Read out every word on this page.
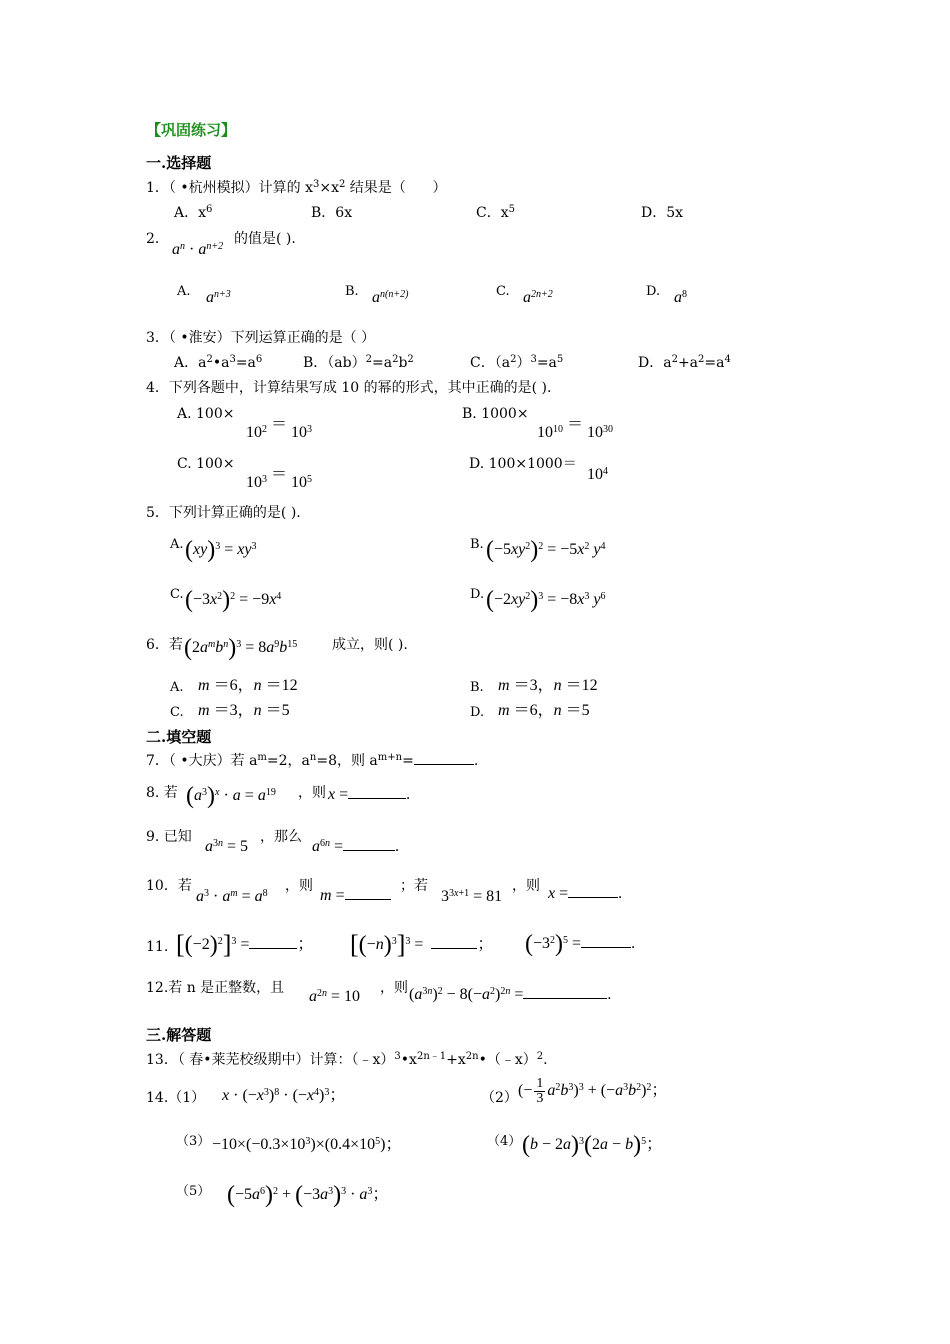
【巩固练习】
一.选择题
1．（ •杭州模拟）计算的 $x^3\times x^2$ 结果是（      ）
A．$x^6$	B．6x	C．$x^5$	D．5x
2．
$a^n \cdot a^{n+2}$ 的值是( ).
A. $a^{n+3}$	B. $a^{n(n+2)}$	C. $a^{2n+2}$	D. $a^8$
3．（ •淮安）下列运算正确的是（ ）
A．$a^2•a^3=a^6$	B．$(ab)^2=a^2b^2$	C．$(a^2)^3=a^5$	D．$a^2+a^2=a^4$
4．下列各题中，计算结果写成 10 的幂的形式，其中正确的是( ).
A. 100×
$10^2 = 10^3$
B. 1000×
$10^{10} = 10^{30}$
C. 100×
$10^3 = 10^5$
D. 100×1000＝
$10^4$
5．下列计算正确的是( ).
A. $(xy)^3 = xy^3$	B. $(-5xy^2)^2 = -5x^2$ $y^4$
C. $(-3x^2)^2 = -9x^4$	D. $(-2xy^2)^3 = -8x^3$ $y^6$
6．若 $(2a^mb^n)^3 = 8a^9b^{15}$ 成立，则( ).
A. m ＝6，n ＝12	B. m ＝3，n ＝12
C. m ＝3，n ＝5	D. m ＝6，n ＝5
二.填空题
7．（ •大庆）若 $a^m=2$，$a^n=8$，则 $a^{m+n}=$	.
8. 若 $(a^3)^x \cdot a = a^{19}$ ，则 x =	.
9. 已知
$a^{3n} = 5$
，那么
$a^{6n}$ =	.
10．若
$a^3 \cdot a^m = a^8$ ，则
m =
；若
$3^{3x+1} = 81$
，则 x =	.
11. $[(-2)^2]^3$ =	； $[(-n)^3]^3$ =	； $(-3^2)^5$ =	.
12.若 n 是正整数，且 $a^{2n} = 10$ ，则 $(a^{3n})^2 - 8(-a^2)^{2n}$ =	.
三.解答题
13．（ 春•莱芜校级期中）计算：$(﹣x)^3•x^{2n﹣1}+x^{2n}•(﹣x)^2$.
14.（1） $x \cdot (-x^3)^8 \cdot (-x^4)^3$；	（2） (− $\frac{1}{3} a^2b^3)^3 + (-a^3b^2)^2$；
$(3) -10\times(-0.3\times 10^3)\times(0.4\times 10^5)$；	（4） $(b - 2a)^3(2a - b)^5$；
（5） $(-5a^6)^2 + (-3a^3)^3 \cdot a^3$；
